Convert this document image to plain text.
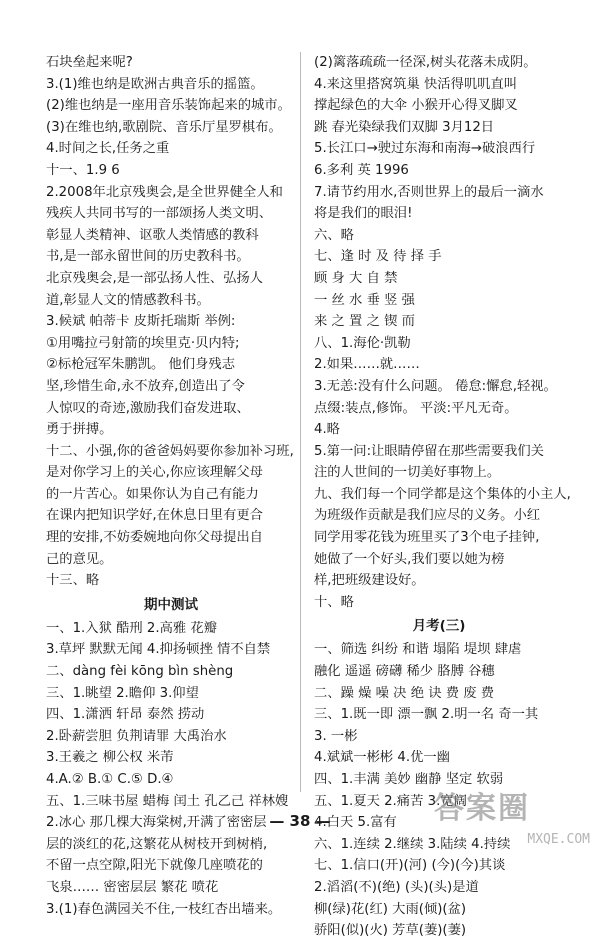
石块垒起来呢?
3.(1)维也纳是欧洲古典音乐的摇篮。
(2)维也纳是一座用音乐装饰起来的城市。
(3)在维也纳,歌剧院、音乐厅星罗棋布。
4.时间之长,任务之重
十一、1.9 6
2.2008年北京残奥会,是全世界健全人和
残疾人共同书写的一部颂扬人类文明、
彰显人类精神、讴歌人类情感的教科
书,是一部永留世间的历史教科书。
北京残奥会,是一部弘扬人性、弘扬人
道,彰显人文的情感教科书。
3.候斌 帕蒂卡 皮斯托瑞斯 举例:
①用嘴拉弓射箭的埃里克·贝内特;
②标枪冠军朱鹏凯。 他们身残志
坚,珍惜生命,永不放弃,创造出了令
人惊叹的奇迹,激励我们奋发进取、
勇于拼搏。
十二、小强,你的爸爸妈妈要你参加补习班,
是对你学习上的关心,你应该理解父母
的一片苦心。如果你认为自己有能力
在课内把知识学好,在休息日里有更合
理的安排,不妨委婉地向你父母提出自
己的意见。
十三、略
期中测试
一、1.入狱 酷刑 2.高雅 花瓣
3.草坪 默默无闻 4.抑扬顿挫 情不自禁
二、dàng fèi kōng bìn shèng
三、1.眺望 2.瞻仰 3.仰望
四、1.潇洒 轩昂 泰然 捞动
2.卧薪尝胆 负荆请罪 大禹治水
3.王羲之 柳公权 米芾
4.A.② B.① C.⑤ D.④
五、1.三味书屋 蜡梅 闰土 孔乙己 祥林嫂
2.冰心 那几棵大海棠树,开满了密密层
层的淡红的花,这繁花从树枝开到树梢,
不留一点空隙,阳光下就像几座喷花的
飞泉…… 密密层层 繁花 喷花
3.(1)春色满园关不住,一枝红杏出墙来。
(2)篱落疏疏一径深,树头花落未成阴。
4.来这里搭窝筑巢 快活得叽叽直叫
撑起绿色的大伞 小猴开心得叉脚叉
跳 春光染绿我们双脚 3月12日
5.长江口→驶过东海和南海→破浪西行
6.多利 英 1996
7.请节约用水,否则世界上的最后一滴水
将是我们的眼泪!
六、略
七、逢 时 及 待 择 手
顾 身 大 自 禁
一 丝 水 垂 竖 强
来 之 置 之 锲 而
八、1.海伦·凯勒
2.如果……就……
3.无恙:没有什么问题。 倦怠:懈怠,轻视。
点缀:装点,修饰。 平淡:平凡无奇。
4.略
5.第一问:让眼睛停留在那些需要我们关
注的人世间的一切美好事物上。
九、我们每一个同学都是这个集体的小主人,
为班级作贡献是我们应尽的义务。小红
同学用零花钱为班里买了3个电子挂钟,
她做了一个好头,我们要以她为榜
样,把班级建设好。
十、略
月考(三)
一、筛选 纠纷 和谐 塌陷 堤坝 肆虐
融化 遥遥 磅礴 稀少 胳膊 谷穗
二、躁 燥 噪 决 绝 诀 费 废 费
三、1.既一即 漂一飘 2.明一名 奇一其
3. 一彬
4.斌斌一彬彬 4.优一幽
四、1.丰满 美妙 幽静 坚定 软弱
五、1.夏天 2.痛苦 3.宽阔
4.白天 5.富有
六、1.连续 2.继续 3.陆续 4.持续
七、1.信口(开)(河) (今)(今)其谈
2.滔滔(不)(绝) (头)(头)是道
柳(绿)花(红) 大雨(倾)(盆)
骄阳(似)(火) 芳草(萋)(萋)
— 38 —	答案圈
MXQE.COM
